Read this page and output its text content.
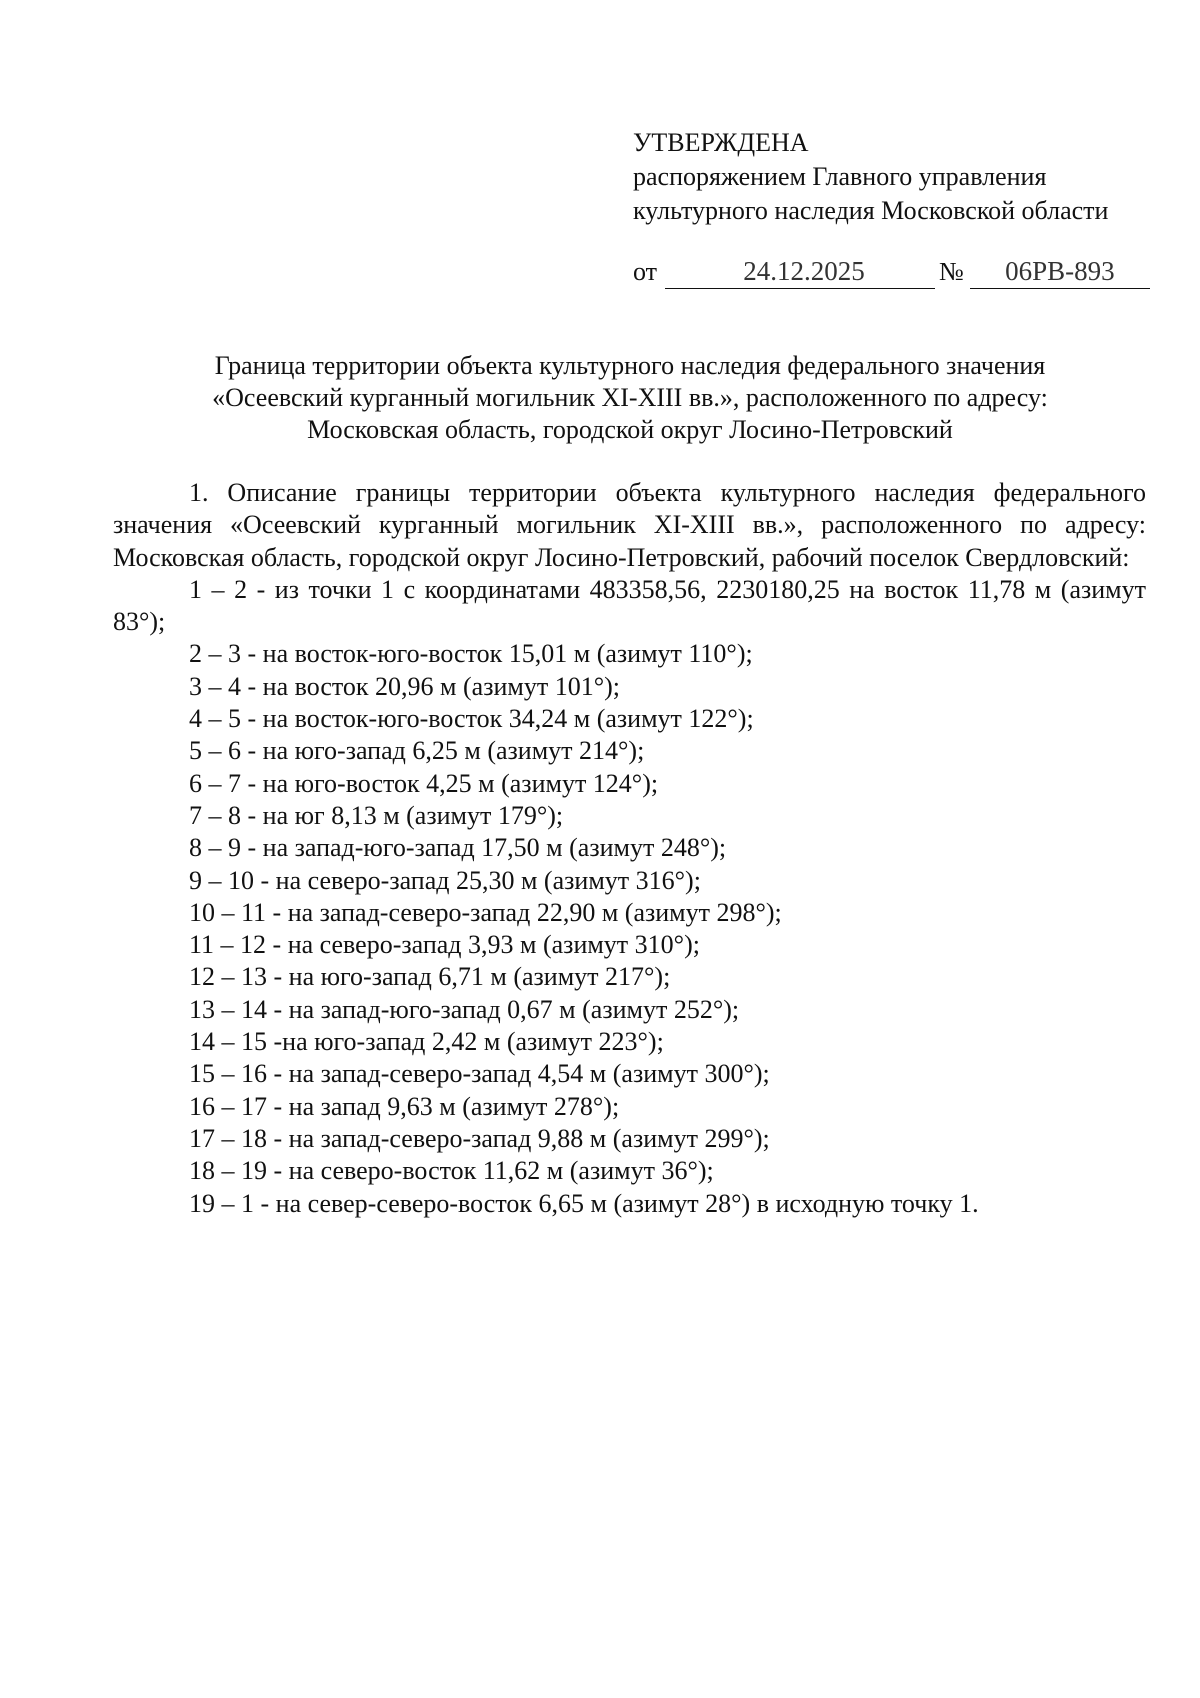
УТВЕРЖДЕНА
распоряжением Главного управления
культурного наследия Московской области
от	24.12.2025	№	06РВ-893
Граница территории объекта культурного наследия федерального значения
«Осеевский курганный могильник XI-XIII вв.», расположенного по адресу:
Московская область, городской округ Лосино-Петровский

1. Описание границы территории объекта культурного наследия федерального значения «Осеевский курганный могильник XI-XIII вв.», расположенного по адресу: Московская область, городской округ Лосино-Петровский, рабочий поселок Свердловский:

1 – 2 - из точки 1 с координатами 483358,56, 2230180,25 на восток 11,78 м (азимут 83°);

2 – 3 - на восток-юго-восток 15,01 м (азимут 110°);

3 – 4 - на восток 20,96 м (азимут 101°);

4 – 5 - на восток-юго-восток 34,24 м (азимут 122°);

5 – 6 - на юго-запад 6,25 м (азимут 214°);

6 – 7 - на юго-восток 4,25 м (азимут 124°);

7 – 8 - на юг 8,13 м (азимут 179°);

8 – 9 - на запад-юго-запад 17,50 м (азимут 248°);

9 – 10 - на северо-запад 25,30 м (азимут 316°);

10 – 11 - на запад-северо-запад 22,90 м (азимут 298°);

11 – 12 - на северо-запад 3,93 м (азимут 310°);

12 – 13 - на юго-запад 6,71 м (азимут 217°);

13 – 14 - на запад-юго-запад 0,67 м (азимут 252°);

14 – 15 -на юго-запад 2,42 м (азимут 223°);

15 – 16 - на запад-северо-запад 4,54 м (азимут 300°);

16 – 17 - на запад 9,63 м (азимут 278°);

17 – 18 - на запад-северо-запад 9,88 м (азимут 299°);

18 – 19 - на северо-восток 11,62 м (азимут 36°);

19 – 1 - на север-северо-восток 6,65 м (азимут 28°) в исходную точку 1.
